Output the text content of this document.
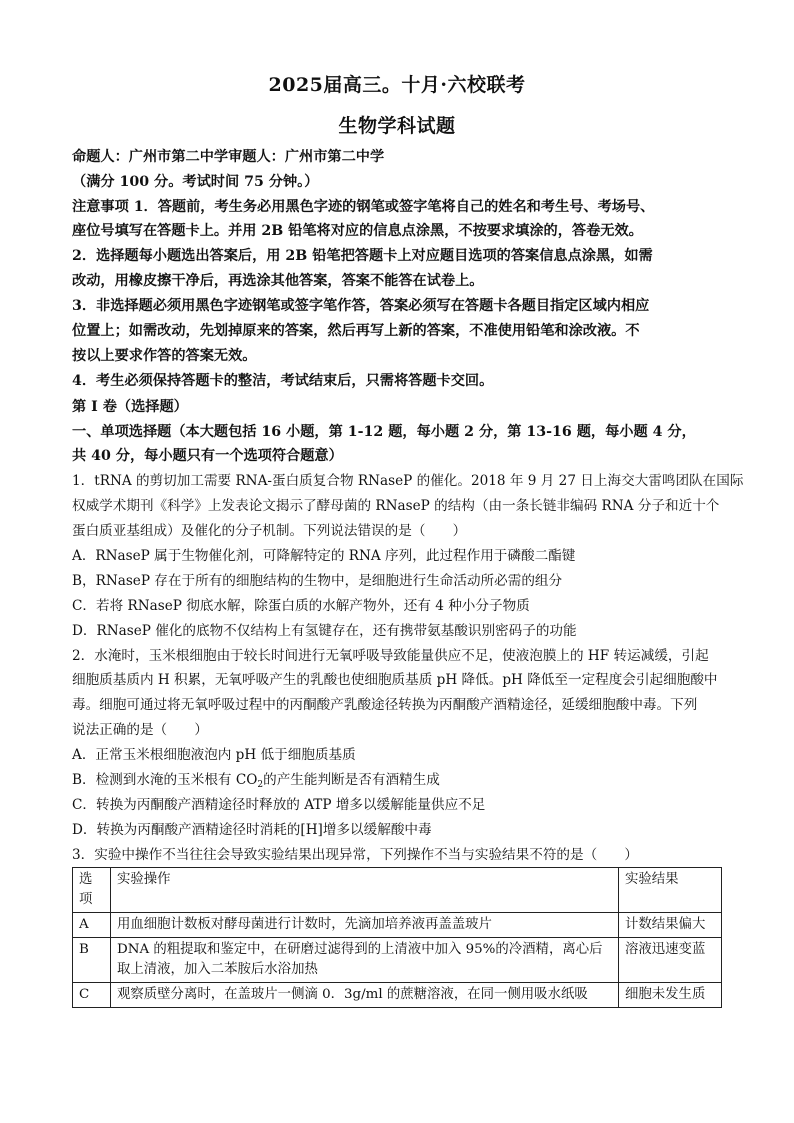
2025届高三。十月·六校联考
生物学科试题
命题人：广州市第二中学审题人：广州市第二中学
（满分 100 分。考试时间 75 分钟。）
注意事项 1．答题前，考生务必用黑色字迹的钢笔或签字笔将自己的姓名和考生号、考场号、
座位号填写在答题卡上。并用 2B 铅笔将对应的信息点涂黑，不按要求填涂的，答卷无效。
2．选择题每小题选出答案后，用 2B 铅笔把答题卡上对应题目选项的答案信息点涂黑，如需
改动，用橡皮擦干净后，再选涂其他答案，答案不能答在试卷上。
3．非选择题必须用黑色字迹钢笔或签字笔作答，答案必须写在答题卡各题目指定区域内相应
位置上；如需改动，先划掉原来的答案，然后再写上新的答案，不准使用铅笔和涂改液。不
按以上要求作答的答案无效。
4．考生必须保持答题卡的整洁，考试结束后，只需将答题卡交回。
第 I 卷（选择题）
一、单项选择题（本大题包括 16 小题，第 1-12 题，每小题 2 分，第 13-16 题，每小题 4 分，
共 40 分，每小题只有一个选项符合题意）
1．tRNA 的剪切加工需要 RNA-蛋白质复合物 RNaseP 的催化。2018 年 9 月 27 日上海交大雷鸣团队在国际
权威学术期刊《科学》上发表论文揭示了酵母菌的 RNaseP 的结构（由一条长链非编码 RNA 分子和近十个
蛋白质亚基组成）及催化的分子机制。下列说法错误的是（　　）
A．RNaseP 属于生物催化剂，可降解特定的 RNA 序列，此过程作用于磷酸二酯键
B，RNaseP 存在于所有的细胞结构的生物中，是细胞进行生命活动所必需的组分
C．若将 RNaseP 彻底水解，除蛋白质的水解产物外，还有 4 种小分子物质
D．RNaseP 催化的底物不仅结构上有氢键存在，还有携带氨基酸识别密码子的功能
2．水淹时，玉米根细胞由于较长时间进行无氧呼吸导致能量供应不足，使液泡膜上的 HF 转运减缓，引起
细胞质基质内 H 积累，无氧呼吸产生的乳酸也使细胞质基质 pH 降低。pH 降低至一定程度会引起细胞酸中
毒。细胞可通过将无氧呼吸过程中的丙酮酸产乳酸途径转换为丙酮酸产酒精途径，延缓细胞酸中毒。下列
说法正确的是（　　）
A．正常玉米根细胞液泡内 pH 低于细胞质基质
B．检测到水淹的玉米根有 $CO_2$的产生能判断是否有酒精生成
C．转换为丙酮酸产酒精途径时释放的 ATP 增多以缓解能量供应不足
D．转换为丙酮酸产酒精途径时消耗的[H]增多以缓解酸中毒
3．实验中操作不当往往会导致实验结果出现异常，下列操作不当与实验结果不符的是（　　）
选
项	实验操作	实验结果
A	用血细胞计数板对酵母菌进行计数时，先滴加培养液再盖盖玻片	计数结果偏大
B	DNA 的粗提取和鉴定中，在研磨过滤得到的上清液中加入 95%的冷酒精，离心后
取上清液，加入二苯胺后水浴加热	溶液迅速变蓝
C	观察质壁分离时，在盖玻片一侧滴 0．3g/ml 的蔗糖溶液，在同一侧用吸水纸吸	细胞未发生质
